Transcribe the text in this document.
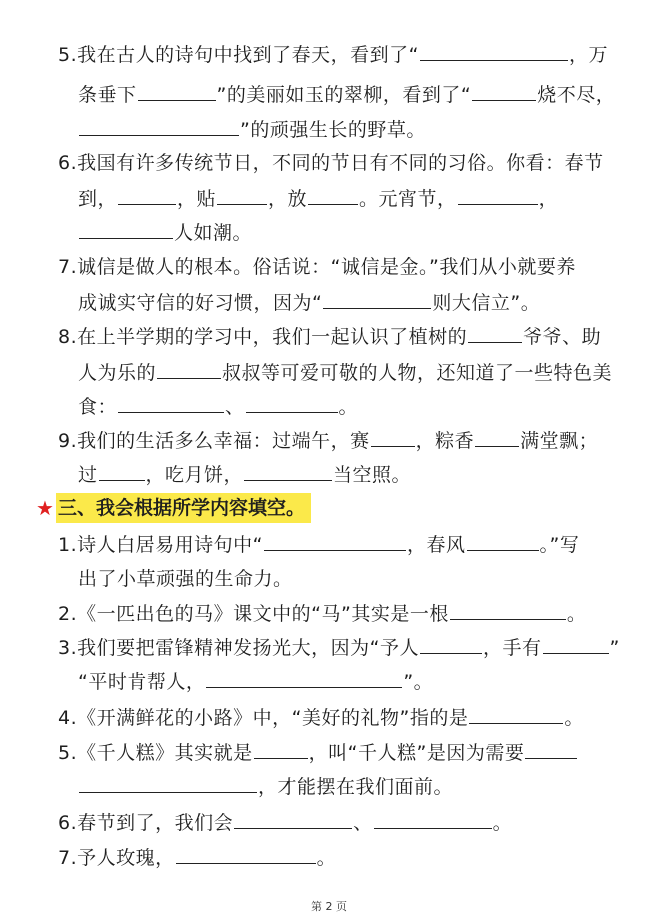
5.我在古人的诗句中找到了春天，看到了“	，万
条垂下	”的美丽如玉的翠柳，看到了“	烧不尽，
”的顽强生长的野草。
6.我国有许多传统节日，不同的节日有不同的习俗。你看：春节
到，	，贴	，放	。元宵节，	，
人如潮。
7.诚信是做人的根本。俗话说：“诚信是金。”我们从小就要养
成诚实守信的好习惯，因为“	则大信立”。
8.在上半学期的学习中，我们一起认识了植树的	爷爷、助
人为乐的	叔叔等可爱可敬的人物，还知道了一些特色美
食：	、	。
9.我们的生活多么幸福：过端午，赛 ，粽香 满堂飘；
过	，吃月饼，	当空照。
★ 三、我会根据所学内容填空。
1.诗人白居易用诗句中“	，春风	。”写
出了小草顽强的生命力。
2.《一匹出色的马》课文中的“马”其实是一根	。
3.我们要把雷锋精神发扬光大，因为“予人	，手有	”
“平时肯帮人，	”。
4.《开满鲜花的小路》中，“美好的礼物”指的是	。
5.《千人糕》其实就是	，叫“千人糕”是因为需要
，才能摆在我们面前。
6.春节到了，我们会	、	。
7.予人玫瑰，	。
第 2 页
